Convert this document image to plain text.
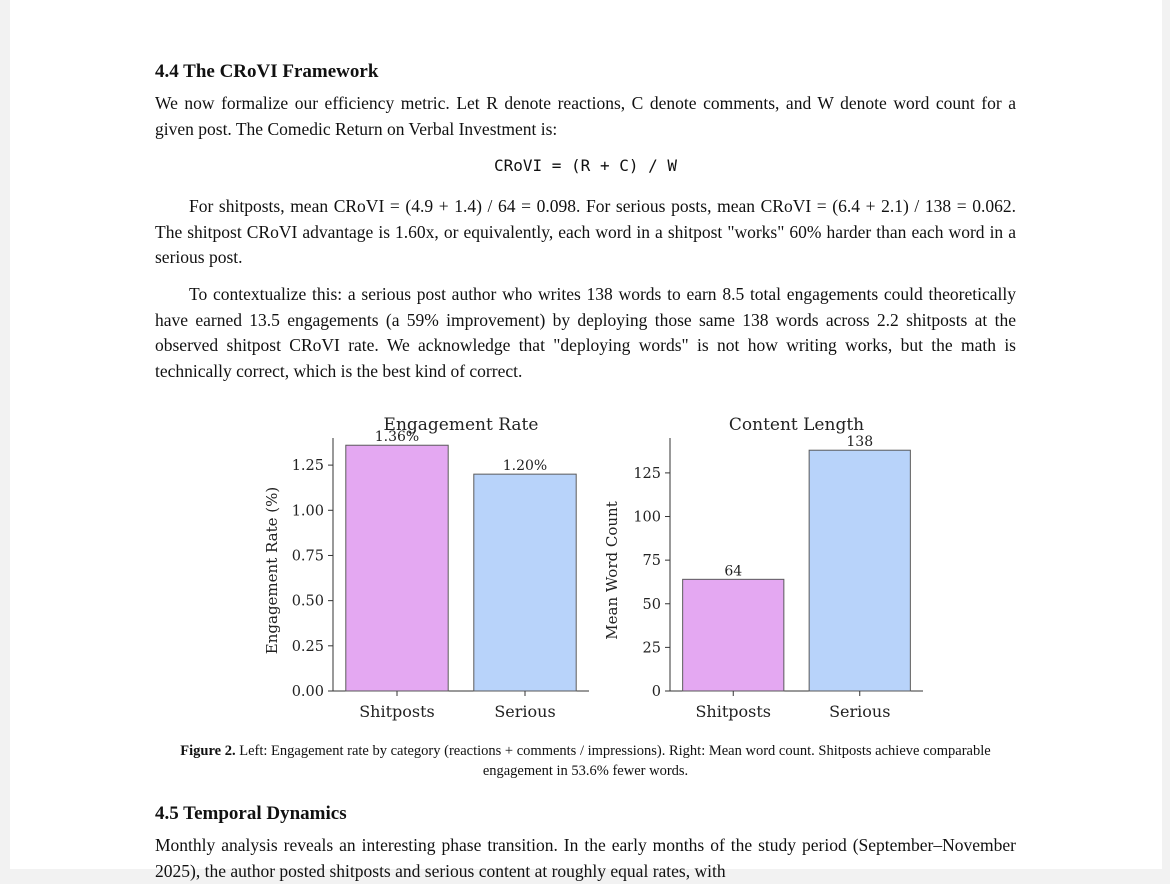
4.4 The CRoVI Framework

We now formalize our efficiency metric. Let R denote reactions, C denote comments, and W denote word count for a given post. The Comedic Return on Verbal Investment is:

CRoVI = (R + C) / W

For shitposts, mean CRoVI = (4.9 + 1.4) / 64 = 0.098. For serious posts, mean CRoVI = (6.4 + 2.1) / 138 = 0.062. The shitpost CRoVI advantage is 1.60x, or equivalently, each word in a shitpost "works" 60% harder than each word in a serious post.

To contextualize this: a serious post author who writes 138 words to earn 8.5 total engagements could theoretically have earned 13.5 engagements (a 59% improvement) by deploying those same 138 words across 2.2 shitposts at the observed shitpost CRoVI rate. We acknowledge that "deploying words" is not how writing works, but the math is technically correct, which is the best kind of correct.

Figure 2. Left: Engagement rate by category (reactions + comments / impressions). Right: Mean word count. Shitposts achieve comparable engagement in 53.6% fewer words.
4.5 Temporal Dynamics

Monthly analysis reveals an interesting phase transition. In the early months of the study period (September–November 2025), the author posted shitposts and serious content at roughly equal rates, with

Engagement Rate
0.00
0.25
0.50
0.75
1.00
1.25
Engagement Rate (%)
1.36%
Shitposts
1.20%
Serious
Content Length
0
25
50
75
100
125
Mean Word Count	64
Shitposts
138
Serious
